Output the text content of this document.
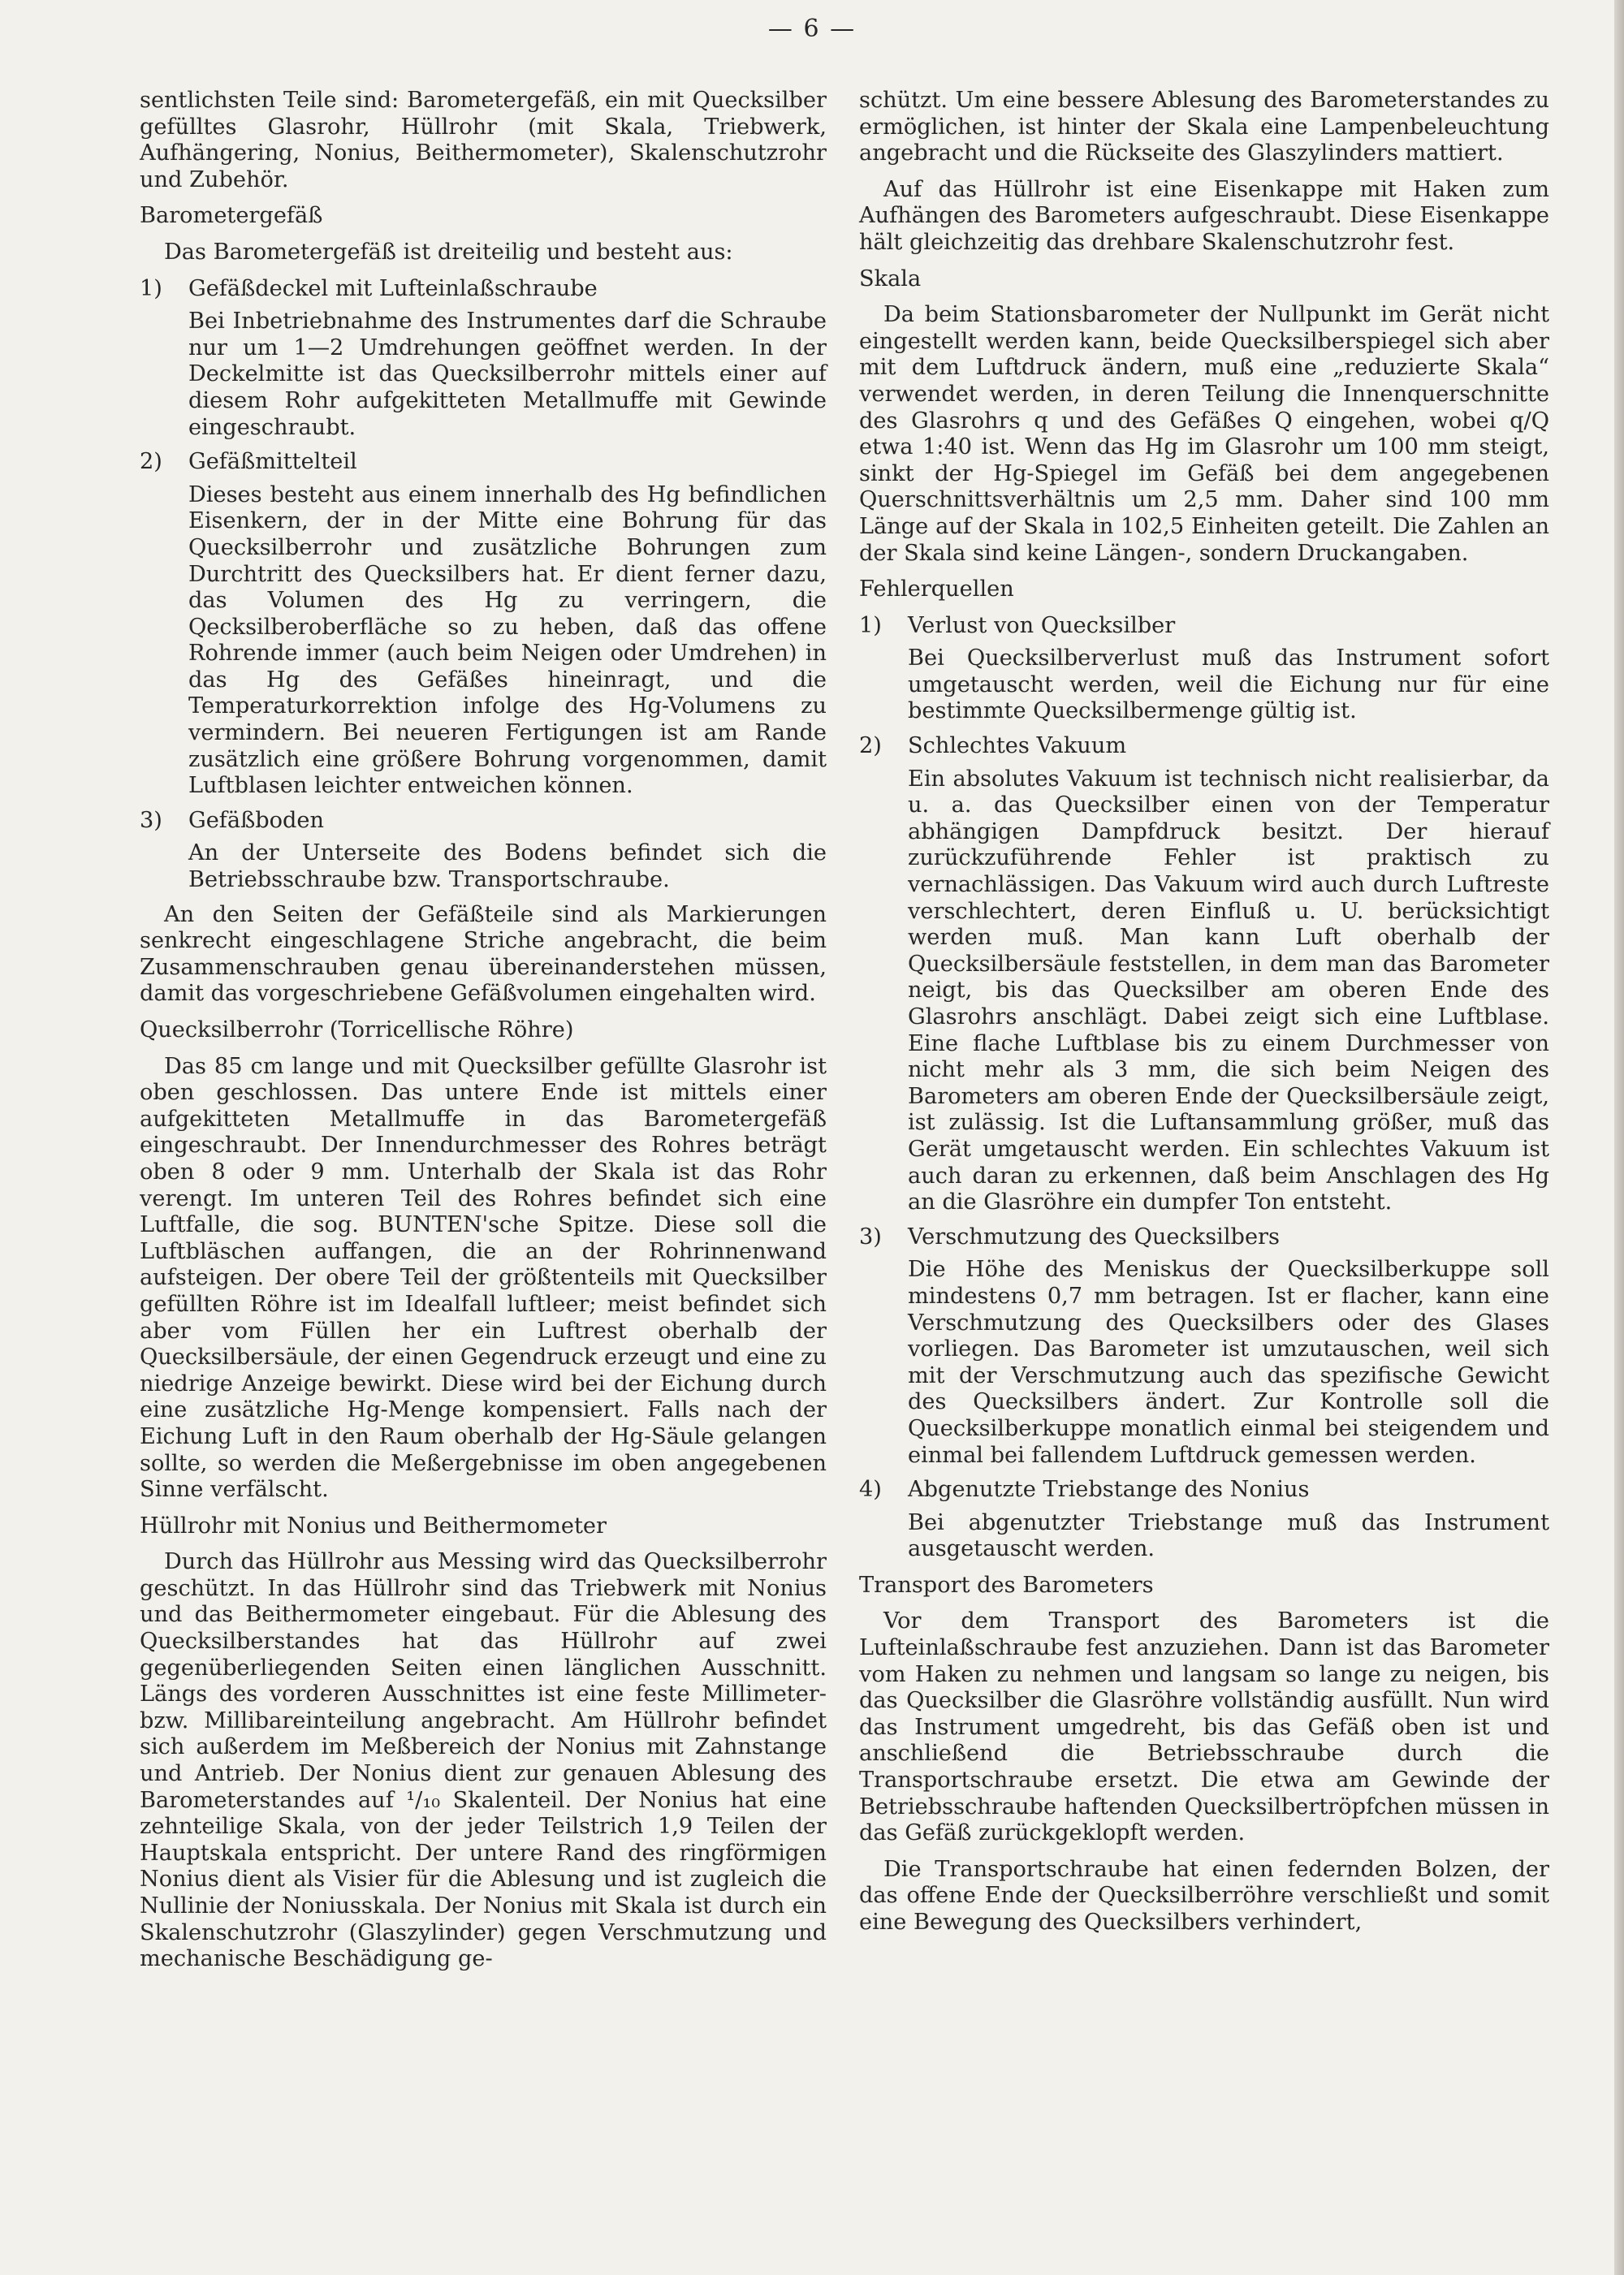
— 6 —

sentlichsten Teile sind: Barometergefäß, ein mit Quecksilber gefülltes Glasrohr, Hüllrohr (mit Skala, Triebwerk, Aufhängering, Nonius, Beithermometer), Skalenschutzrohr und Zubehör.

Barometergefäß

Das Barometergefäß ist dreiteilig und besteht aus:

1)	Gefäßdeckel mit Lufteinlaßschraube

Bei Inbetriebnahme des Instrumentes darf die Schraube nur um 1—2 Umdrehungen geöffnet werden. In der Deckelmitte ist das Quecksilberrohr mittels einer auf diesem Rohr aufgekitteten Metallmuffe mit Gewinde eingeschraubt.

2)	Gefäßmittelteil

Dieses besteht aus einem innerhalb des Hg befindlichen Eisenkern, der in der Mitte eine Bohrung für das Quecksilberrohr und zusätzliche Bohrungen zum Durchtritt des Quecksilbers hat. Er dient ferner dazu, das Volumen des Hg zu verringern, die Qecksilberoberfläche so zu heben, daß das offene Rohrende immer (auch beim Neigen oder Umdrehen) in das Hg des Gefäßes hineinragt, und die Temperaturkorrektion infolge des Hg-Volumens zu vermindern. Bei neueren Fertigungen ist am Rande zusätzlich eine größere Bohrung vorgenommen, damit Luftblasen leichter entweichen können.

3)	Gefäßboden

An der Unterseite des Bodens befindet sich die Betriebsschraube bzw. Transportschraube.

An den Seiten der Gefäßteile sind als Markierungen senkrecht eingeschlagene Striche angebracht, die beim Zusammenschrauben genau übereinanderstehen müssen, damit das vorgeschriebene Gefäßvolumen eingehalten wird.

Quecksilberrohr (Torricellische Röhre)

Das 85 cm lange und mit Quecksilber gefüllte Glasrohr ist oben geschlossen. Das untere Ende ist mittels einer aufgekitteten Metallmuffe in das Barometergefäß eingeschraubt. Der Innendurchmesser des Rohres beträgt oben 8 oder 9 mm. Unterhalb der Skala ist das Rohr verengt. Im unteren Teil des Rohres befindet sich eine Luftfalle, die sog. BUNTEN'sche Spitze. Diese soll die Luftbläschen auffangen, die an der Rohrinnenwand aufsteigen. Der obere Teil der größtenteils mit Quecksilber gefüllten Röhre ist im Idealfall luftleer; meist befindet sich aber vom Füllen her ein Luftrest oberhalb der Quecksilbersäule, der einen Gegendruck erzeugt und eine zu niedrige Anzeige bewirkt. Diese wird bei der Eichung durch eine zusätzliche Hg-Menge kompensiert. Falls nach der Eichung Luft in den Raum oberhalb der Hg-Säule gelangen sollte, so werden die Meßergebnisse im oben angegebenen Sinne verfälscht.

Hüllrohr mit Nonius und Beithermometer

Durch das Hüllrohr aus Messing wird das Quecksilberrohr geschützt. In das Hüllrohr sind das Triebwerk mit Nonius und das Beithermometer eingebaut. Für die Ablesung des Quecksilberstandes hat das Hüllrohr auf zwei gegenüberliegenden Seiten einen länglichen Ausschnitt. Längs des vorderen Ausschnittes ist eine feste Millimeter- bzw. Millibareinteilung angebracht. Am Hüllrohr befindet sich außerdem im Meßbereich der Nonius mit Zahnstange und Antrieb. Der Nonius dient zur genauen Ablesung des Barometerstandes auf ¹/₁₀ Skalenteil. Der Nonius hat eine zehnteilige Skala, von der jeder Teilstrich 1,9 Teilen der Hauptskala entspricht. Der untere Rand des ringförmigen Nonius dient als Visier für die Ablesung und ist zugleich die Nullinie der Noniusskala. Der Nonius mit Skala ist durch ein Skalenschutzrohr (Glaszylinder) gegen Verschmutzung und mechanische Beschädigung ge-

schützt. Um eine bessere Ablesung des Barometerstandes zu ermöglichen, ist hinter der Skala eine Lampenbeleuchtung angebracht und die Rückseite des Glaszylinders mattiert.

Auf das Hüllrohr ist eine Eisenkappe mit Haken zum Aufhängen des Barometers aufgeschraubt. Diese Eisenkappe hält gleichzeitig das drehbare Skalenschutzrohr fest.

Skala

Da beim Stationsbarometer der Nullpunkt im Gerät nicht eingestellt werden kann, beide Quecksilberspiegel sich aber mit dem Luftdruck ändern, muß eine „reduzierte Skala“ verwendet werden, in deren Teilung die Innenquerschnitte des Glasrohrs q und des Gefäßes Q eingehen, wobei q/Q etwa 1:40 ist. Wenn das Hg im Glasrohr um 100 mm steigt, sinkt der Hg-Spiegel im Gefäß bei dem angegebenen Querschnittsverhältnis um 2,5 mm. Daher sind 100 mm Länge auf der Skala in 102,5 Einheiten geteilt. Die Zahlen an der Skala sind keine Längen-, sondern Druckangaben.

Fehlerquellen
1)	Verlust von Quecksilber

Bei Quecksilberverlust muß das Instrument sofort umgetauscht werden, weil die Eichung nur für eine bestimmte Quecksilbermenge gültig ist.

2)	Schlechtes Vakuum

Ein absolutes Vakuum ist technisch nicht realisierbar, da u. a. das Quecksilber einen von der Temperatur abhängigen Dampfdruck besitzt. Der hierauf zurückzuführende Fehler ist praktisch zu vernachlässigen. Das Vakuum wird auch durch Luftreste verschlechtert, deren Einfluß u. U. berücksichtigt werden muß. Man kann Luft oberhalb der Quecksilbersäule feststellen, in dem man das Barometer neigt, bis das Quecksilber am oberen Ende des Glasrohrs anschlägt. Dabei zeigt sich eine Luftblase. Eine flache Luftblase bis zu einem Durchmesser von nicht mehr als 3 mm, die sich beim Neigen des Barometers am oberen Ende der Quecksilbersäule zeigt, ist zulässig. Ist die Luftansammlung größer, muß das Gerät umgetauscht werden. Ein schlechtes Vakuum ist auch daran zu erkennen, daß beim Anschlagen des Hg an die Glasröhre ein dumpfer Ton entsteht.

3)	Verschmutzung des Quecksilbers

Die Höhe des Meniskus der Quecksilberkuppe soll mindestens 0,7 mm betragen. Ist er flacher, kann eine Verschmutzung des Quecksilbers oder des Glases vorliegen. Das Barometer ist umzutauschen, weil sich mit der Verschmutzung auch das spezifische Gewicht des Quecksilbers ändert. Zur Kontrolle soll die Quecksilberkuppe monatlich einmal bei steigendem und einmal bei fallendem Luftdruck gemessen werden.

4)	Abgenutzte Triebstange des Nonius

Bei abgenutzter Triebstange muß das Instrument ausgetauscht werden.

Transport des Barometers

Vor dem Transport des Barometers ist die Lufteinlaßschraube fest anzuziehen. Dann ist das Barometer vom Haken zu nehmen und langsam so lange zu neigen, bis das Quecksilber die Glasröhre vollständig ausfüllt. Nun wird das Instrument umgedreht, bis das Gefäß oben ist und anschließend die Betriebsschraube durch die Transportschraube ersetzt. Die etwa am Gewinde der Betriebsschraube haftenden Quecksilbertröpfchen müssen in das Gefäß zurückgeklopft werden.

Die Transportschraube hat einen federnden Bolzen, der das offene Ende der Quecksilberröhre verschließt und somit eine Bewegung des Quecksilbers verhindert,
